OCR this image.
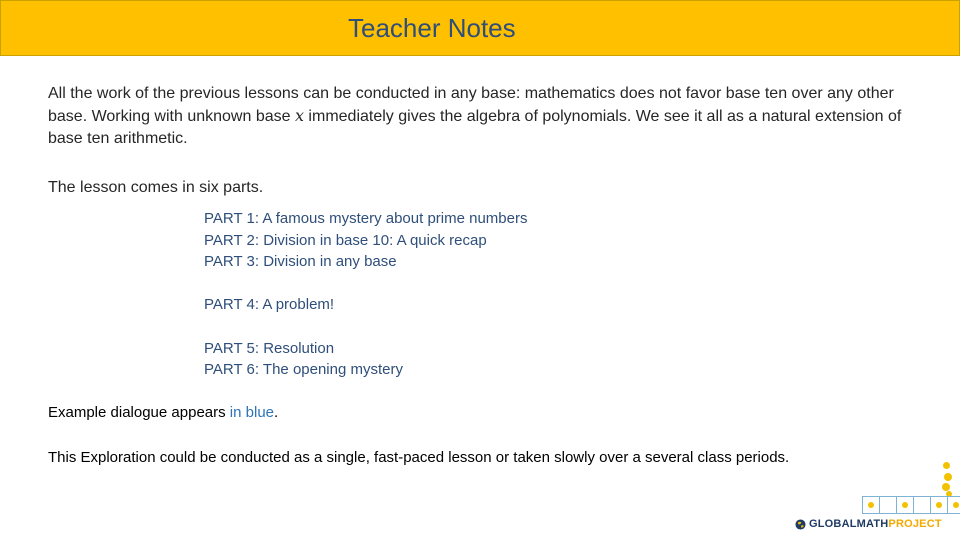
Teacher Notes
All the work of the previous lessons can be conducted in any base: mathematics does not favor base ten over any other base. Working with unknown base x immediately gives the algebra of polynomials. We see it all as a natural extension of base ten arithmetic.
The lesson comes in six parts.
PART 1: A famous mystery about prime numbers
PART 2: Division in base 10: A quick recap
PART 3: Division in any base
PART 4: A problem!
PART 5: Resolution
PART 6: The opening mystery
Example dialogue appears in blue.
This Exploration could be conducted as a single, fast-paced lesson or taken slowly over a several class periods.
GLOBALMATH PROJECT
